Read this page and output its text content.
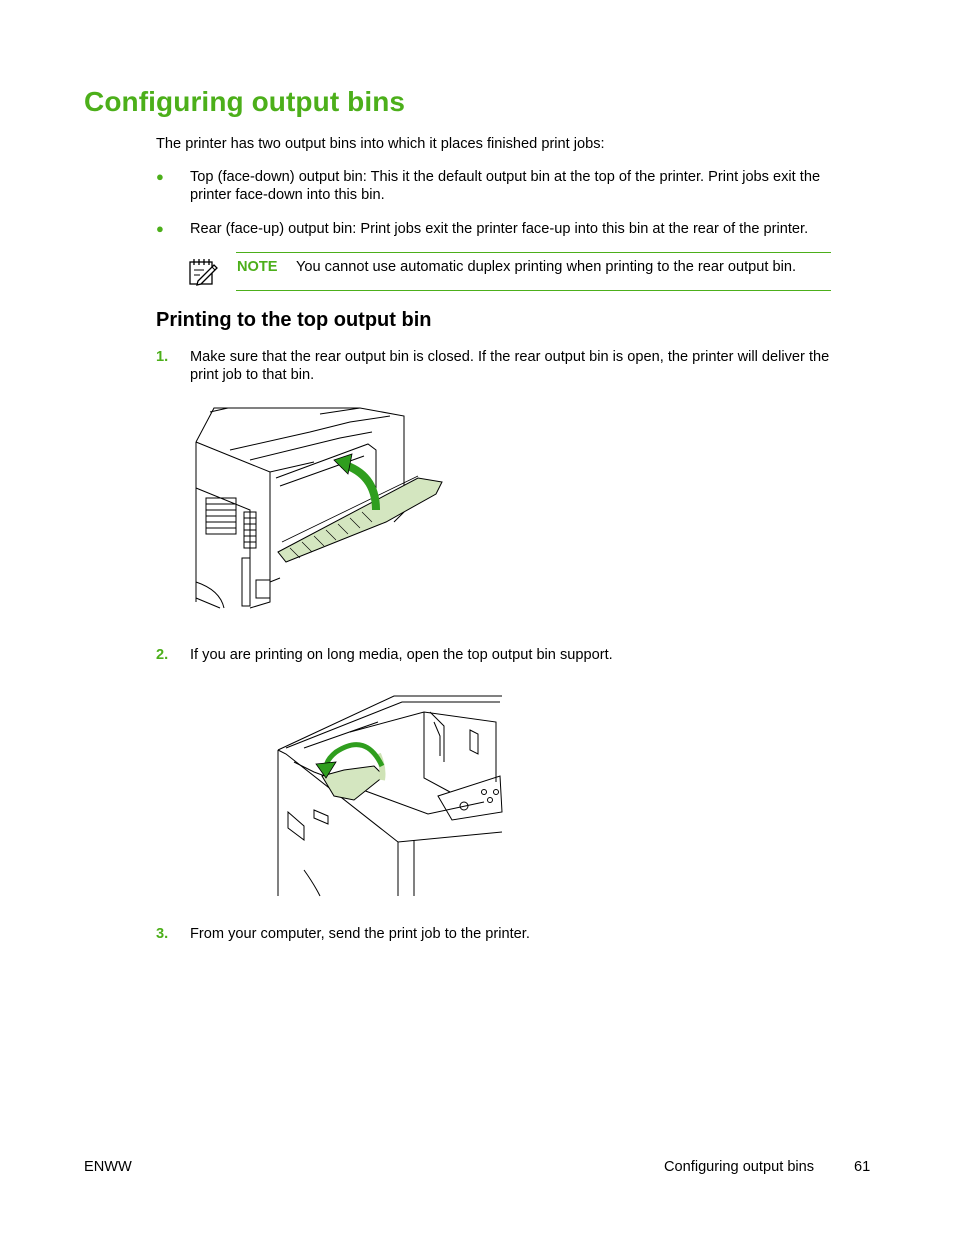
Configuring output bins
The printer has two output bins into which it places finished print jobs:
● Top (face-down) output bin: This it the default output bin at the top of the printer. Print jobs exit the printer face-down into this bin.
● Rear (face-up) output bin: Print jobs exit the printer face-up into this bin at the rear of the printer.
NOTE You cannot use automatic duplex printing when printing to the rear output bin.
Printing to the top output bin
1. Make sure that the rear output bin is closed. If the rear output bin is open, the printer will deliver the print job to that bin.
2. If you are printing on long media, open the top output bin support.
3. From your computer, send the print job to the printer.
ENWW	Configuring output bins	61
